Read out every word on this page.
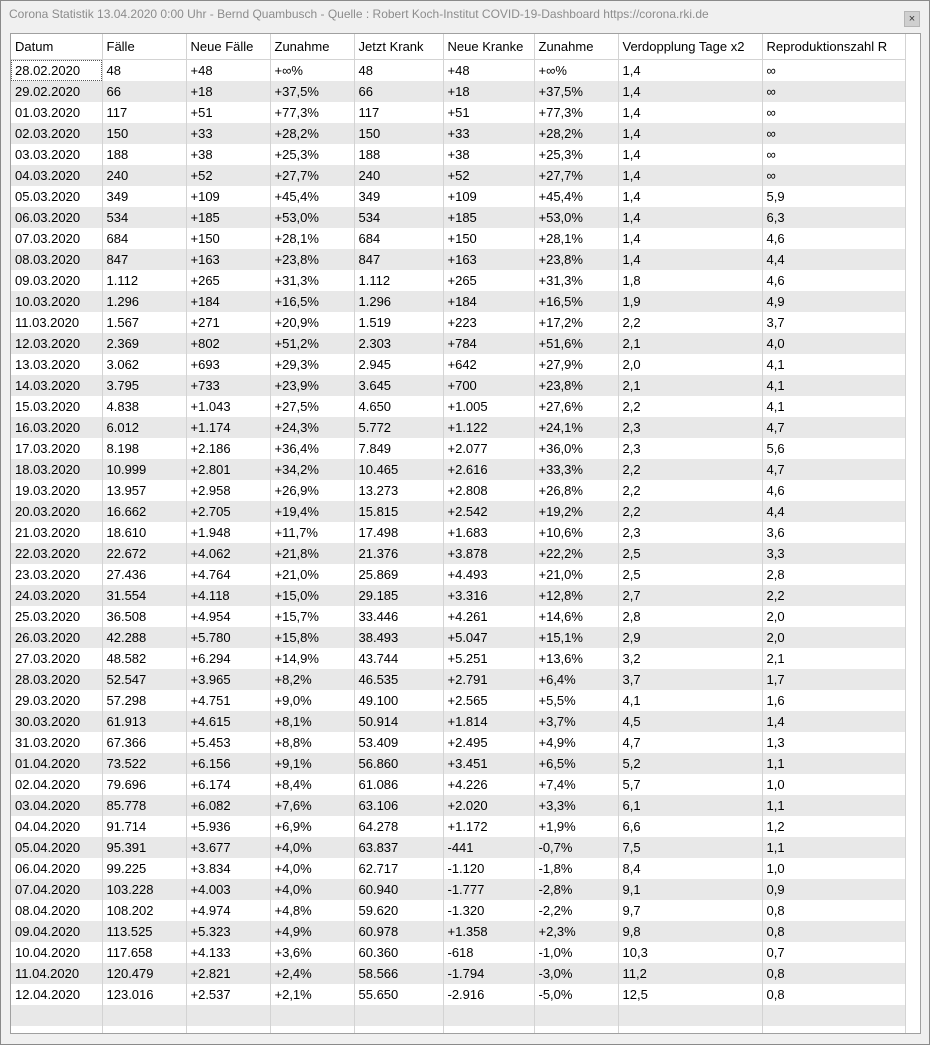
Corona Statistik 13.04.2020 0:00 Uhr - Bernd Quambusch - Quelle : Robert Koch-Institut COVID-19-Dashboard https://corona.rki.de	×
Datum	Fälle	Neue Fälle	Zunahme	Jetzt Krank	Neue Kranke	Zunahme	Verdopplung Tage x2	Reproduktionszahl R
28.02.2020	48	+48	+∞%	48	+48	+∞%	1,4	∞
29.02.2020	66	+18	+37,5%	66	+18	+37,5%	1,4	∞
01.03.2020	117	+51	+77,3%	117	+51	+77,3%	1,4	∞
02.03.2020	150	+33	+28,2%	150	+33	+28,2%	1,4	∞
03.03.2020	188	+38	+25,3%	188	+38	+25,3%	1,4	∞
04.03.2020	240	+52	+27,7%	240	+52	+27,7%	1,4	∞
05.03.2020	349	+109	+45,4%	349	+109	+45,4%	1,4	5,9
06.03.2020	534	+185	+53,0%	534	+185	+53,0%	1,4	6,3
07.03.2020	684	+150	+28,1%	684	+150	+28,1%	1,4	4,6
08.03.2020	847	+163	+23,8%	847	+163	+23,8%	1,4	4,4
09.03.2020	1.112	+265	+31,3%	1.112	+265	+31,3%	1,8	4,6
10.03.2020	1.296	+184	+16,5%	1.296	+184	+16,5%	1,9	4,9
11.03.2020	1.567	+271	+20,9%	1.519	+223	+17,2%	2,2	3,7
12.03.2020	2.369	+802	+51,2%	2.303	+784	+51,6%	2,1	4,0
13.03.2020	3.062	+693	+29,3%	2.945	+642	+27,9%	2,0	4,1
14.03.2020	3.795	+733	+23,9%	3.645	+700	+23,8%	2,1	4,1
15.03.2020	4.838	+1.043	+27,5%	4.650	+1.005	+27,6%	2,2	4,1
16.03.2020	6.012	+1.174	+24,3%	5.772	+1.122	+24,1%	2,3	4,7
17.03.2020	8.198	+2.186	+36,4%	7.849	+2.077	+36,0%	2,3	5,6
18.03.2020	10.999	+2.801	+34,2%	10.465	+2.616	+33,3%	2,2	4,7
19.03.2020	13.957	+2.958	+26,9%	13.273	+2.808	+26,8%	2,2	4,6
20.03.2020	16.662	+2.705	+19,4%	15.815	+2.542	+19,2%	2,2	4,4
21.03.2020	18.610	+1.948	+11,7%	17.498	+1.683	+10,6%	2,3	3,6
22.03.2020	22.672	+4.062	+21,8%	21.376	+3.878	+22,2%	2,5	3,3
23.03.2020	27.436	+4.764	+21,0%	25.869	+4.493	+21,0%	2,5	2,8
24.03.2020	31.554	+4.118	+15,0%	29.185	+3.316	+12,8%	2,7	2,2
25.03.2020	36.508	+4.954	+15,7%	33.446	+4.261	+14,6%	2,8	2,0
26.03.2020	42.288	+5.780	+15,8%	38.493	+5.047	+15,1%	2,9	2,0
27.03.2020	48.582	+6.294	+14,9%	43.744	+5.251	+13,6%	3,2	2,1
28.03.2020	52.547	+3.965	+8,2%	46.535	+2.791	+6,4%	3,7	1,7
29.03.2020	57.298	+4.751	+9,0%	49.100	+2.565	+5,5%	4,1	1,6
30.03.2020	61.913	+4.615	+8,1%	50.914	+1.814	+3,7%	4,5	1,4
31.03.2020	67.366	+5.453	+8,8%	53.409	+2.495	+4,9%	4,7	1,3
01.04.2020	73.522	+6.156	+9,1%	56.860	+3.451	+6,5%	5,2	1,1
02.04.2020	79.696	+6.174	+8,4%	61.086	+4.226	+7,4%	5,7	1,0
03.04.2020	85.778	+6.082	+7,6%	63.106	+2.020	+3,3%	6,1	1,1
04.04.2020	91.714	+5.936	+6,9%	64.278	+1.172	+1,9%	6,6	1,2
05.04.2020	95.391	+3.677	+4,0%	63.837	-441	-0,7%	7,5	1,1
06.04.2020	99.225	+3.834	+4,0%	62.717	-1.120	-1,8%	8,4	1,0
07.04.2020	103.228	+4.003	+4,0%	60.940	-1.777	-2,8%	9,1	0,9
08.04.2020	108.202	+4.974	+4,8%	59.620	-1.320	-2,2%	9,7	0,8
09.04.2020	113.525	+5.323	+4,9%	60.978	+1.358	+2,3%	9,8	0,8
10.04.2020	117.658	+4.133	+3,6%	60.360	-618	-1,0%	10,3	0,7
11.04.2020	120.479	+2.821	+2,4%	58.566	-1.794	-3,0%	11,2	0,8
12.04.2020	123.016	+2.537	+2,1%	55.650	-2.916	-5,0%	12,5	0,8
